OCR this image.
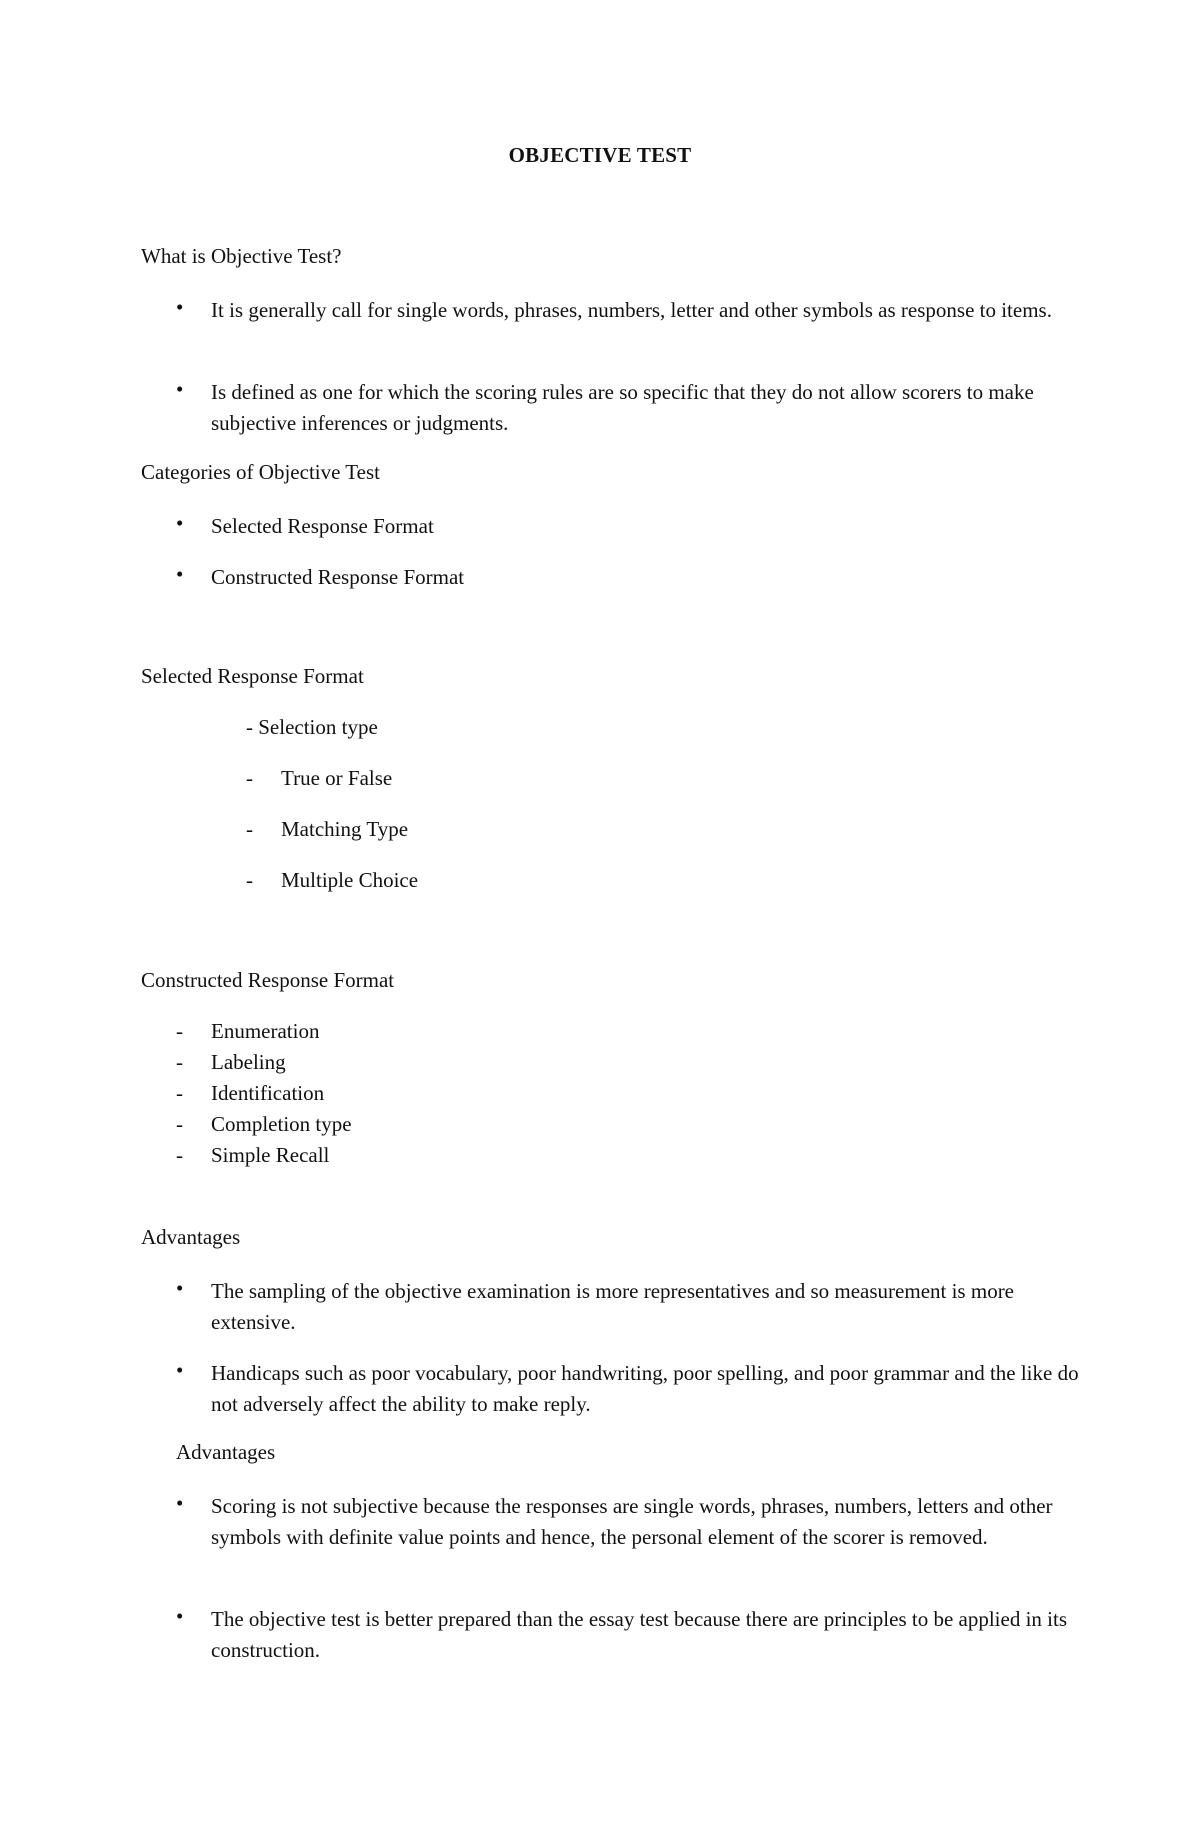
OBJECTIVE TEST
What is Objective Test?
• It is generally call for single words, phrases, numbers, letter and other symbols as response to items.
• Is defined as one for which the scoring rules are so specific that they do not allow scorers to make subjective inferences or judgments.
Categories of Objective Test
• Selected Response Format
• Constructed Response Format
Selected Response Format
- Selection type
- True or False
- Matching Type
- Multiple Choice
Constructed Response Format
- Enumeration
- Labeling
- Identification
- Completion type
- Simple Recall
Advantages
• The sampling of the objective examination is more representatives and so measurement is more extensive.
• Handicaps such as poor vocabulary, poor handwriting, poor spelling, and poor grammar and the like do not adversely affect the ability to make reply.
Advantages
• Scoring is not subjective because the responses are single words, phrases, numbers, letters and other symbols with definite value points and hence, the personal element of the scorer is removed.
• The objective test is better prepared than the essay test because there are principles to be applied in its construction.
